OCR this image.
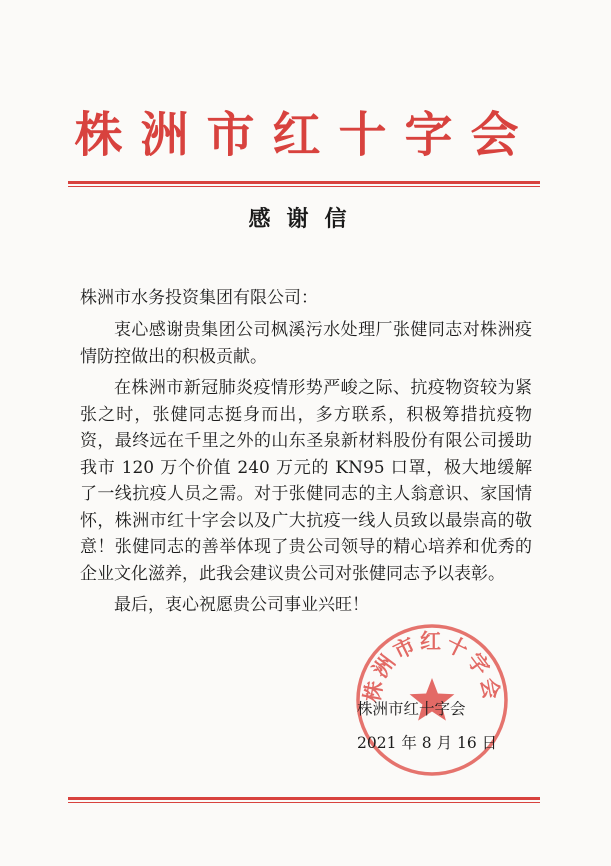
株洲市红十字会
感谢信
株洲市水务投资集团有限公司：

衷心感谢贵集团公司枫溪污水处理厂张健同志对株洲疫情防控做出的积极贡献。

在株洲市新冠肺炎疫情形势严峻之际、抗疫物资较为紧张之时，张健同志挺身而出，多方联系，积极筹措抗疫物资，最终远在千里之外的山东圣泉新材料股份有限公司援助我市 120 万个价值 240 万元的 KN95 口罩，极大地缓解了一线抗疫人员之需。对于张健同志的主人翁意识、家国情怀，株洲市红十字会以及广大抗疫一线人员致以最崇高的敬意！张健同志的善举体现了贵公司领导的精心培养和优秀的企业文化滋养，此我会建议贵公司对张健同志予以表彰。

最后，衷心祝愿贵公司事业兴旺！

株洲市红十字会
株洲市红十字会
2021 年 8 月 16 日
